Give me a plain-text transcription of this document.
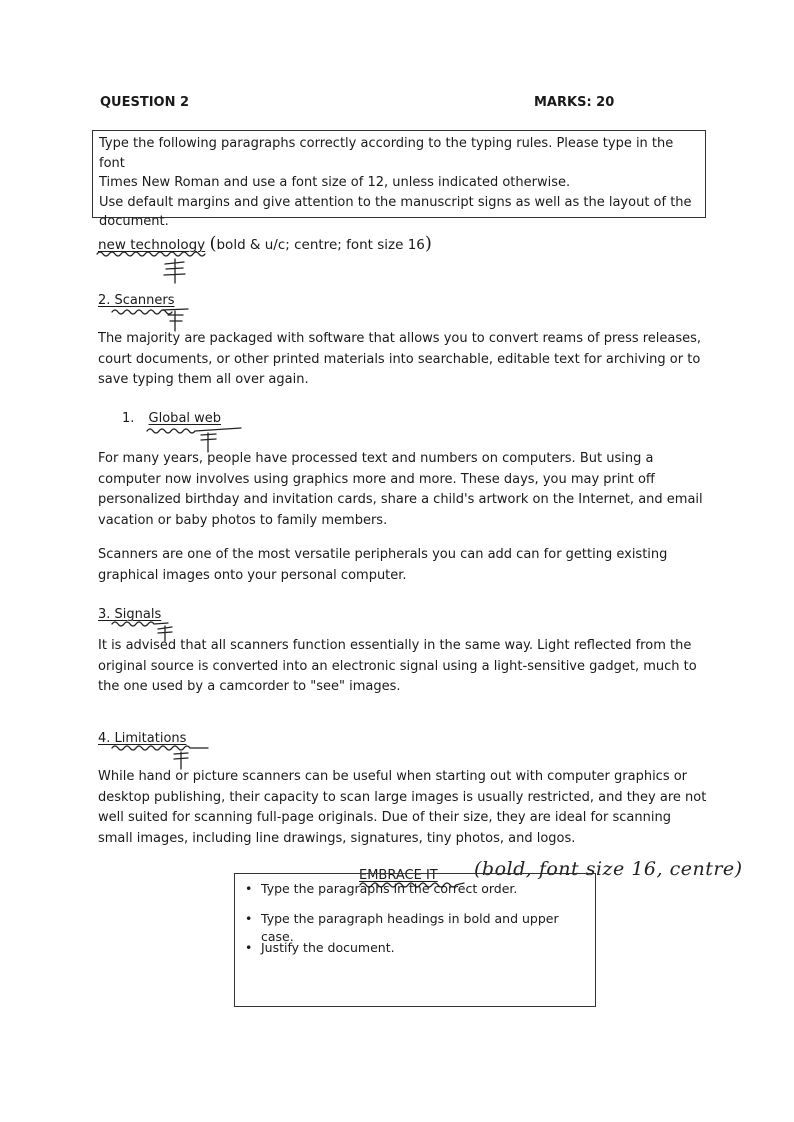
QUESTION 2	MARKS: 20
Type the following paragraphs correctly according to the typing rules. Please type in the font
Times New Roman and use a font size of 12, unless indicated otherwise.
Use default margins and give attention to the manuscript signs as well as the layout of the
document.
new technology (bold & u/c; centre; font size 16)
2. Scanners
The majority are packaged with software that allows you to convert reams of press releases,
court documents, or other printed materials into searchable, editable text for archiving or to
save typing them all over again.
1. Global web
For many years, people have processed text and numbers on computers. But using a
computer now involves using graphics more and more. These days, you may print off
personalized birthday and invitation cards, share a child's artwork on the Internet, and email
vacation or baby photos to family members.
Scanners are one of the most versatile peripherals you can add can for getting existing
graphical images onto your personal computer.
3. Signals
It is advised that all scanners function essentially in the same way. Light reflected from the
original source is converted into an electronic signal using a light-sensitive gadget, much to
the one used by a camcorder to "see" images.
4. Limitations
While hand or picture scanners can be useful when starting out with computer graphics or
desktop publishing, their capacity to scan large images is usually restricted, and they are not
well suited for scanning full-page originals. Due of their size, they are ideal for scanning
small images, including line drawings, signatures, tiny photos, and logos.
EMBRACE IT (bold, font size 16, centre)
• Type the paragraphs in the correct order.
• Type the paragraph headings in bold and upper case.
• Justify the document.
